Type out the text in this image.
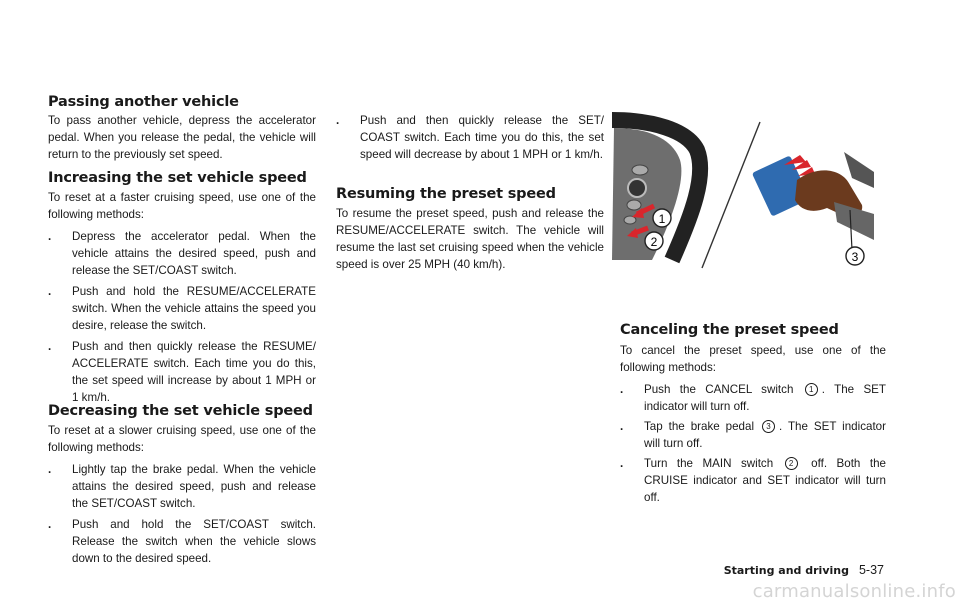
Passing another vehicle

To pass another vehicle, depress the accelerator pedal. When you release the pedal, the vehicle will return to the previously set speed.

Increasing the set vehicle speed

To reset at a faster cruising speed, use one of the following methods:

. Depress the accelerator pedal. When the vehicle attains the desired speed, push and release the SET/COAST switch.
. Push and hold the RESUME/ACCELERATE switch. When the vehicle attains the speed you desire, release the switch.
. Push and then quickly release the RESUME/ ACCELERATE switch. Each time you do this, the set speed will increase by about 1 MPH or 1 km/h.
Decreasing the set vehicle speed

To reset at a slower cruising speed, use one of the following methods:

. Lightly tap the brake pedal. When the vehicle attains the desired speed, push and release the SET/COAST switch.
. Push and hold the SET/COAST switch. Release the switch when the vehicle slows down to the desired speed.
. Push and then quickly release the SET/ COAST switch. Each time you do this, the set speed will decrease by about 1 MPH or 1 km/h.
Resuming the preset speed

To resume the preset speed, push and release the RESUME/ACCELERATE switch. The vehicle will resume the last set cruising speed when the vehicle speed is over 25 MPH (40 km/h).

1
2
3
Canceling the preset speed

To cancel the preset speed, use one of the following methods:

. Push the CANCEL switch 1 . The SET indicator will turn off.
. Tap the brake pedal 3 . The SET indicator will turn off.
. Turn the MAIN switch 2 off. Both the CRUISE indicator and SET indicator will turn off.
Starting and driving 5-37
carmanualsonline.info
